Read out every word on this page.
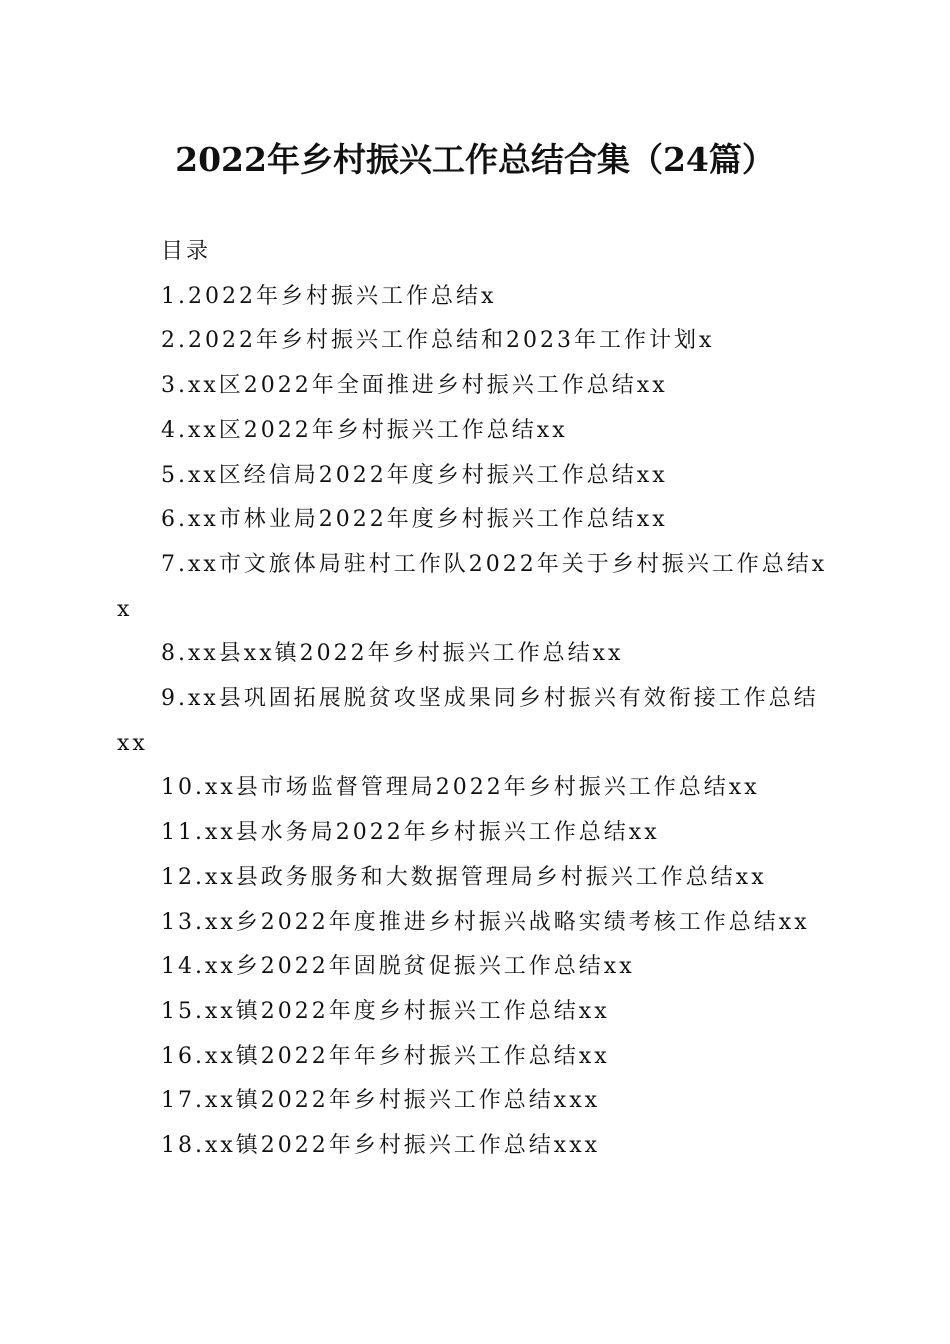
2022年乡村振兴工作总结合集（24篇）
目录
1.2022年乡村振兴工作总结x
2.2022年乡村振兴工作总结和2023年工作计划x
3.xx区2022年全面推进乡村振兴工作总结xx
4.xx区2022年乡村振兴工作总结xx
5.xx区经信局2022年度乡村振兴工作总结xx
6.xx市林业局2022年度乡村振兴工作总结xx
7.xx市文旅体局驻村工作队2022年关于乡村振兴工作总结xx
8.xx县xx镇2022年乡村振兴工作总结xx
9.xx县巩固拓展脱贫攻坚成果同乡村振兴有效衔接工作总结xx
10.xx县市场监督管理局2022年乡村振兴工作总结xx
11.xx县水务局2022年乡村振兴工作总结xx
12.xx县政务服务和大数据管理局乡村振兴工作总结xx
13.xx乡2022年度推进乡村振兴战略实绩考核工作总结xx
14.xx乡2022年固脱贫促振兴工作总结xx
15.xx镇2022年度乡村振兴工作总结xx
16.xx镇2022年年乡村振兴工作总结xx
17.xx镇2022年乡村振兴工作总结xxx
18.xx镇2022年乡村振兴工作总结xxx
